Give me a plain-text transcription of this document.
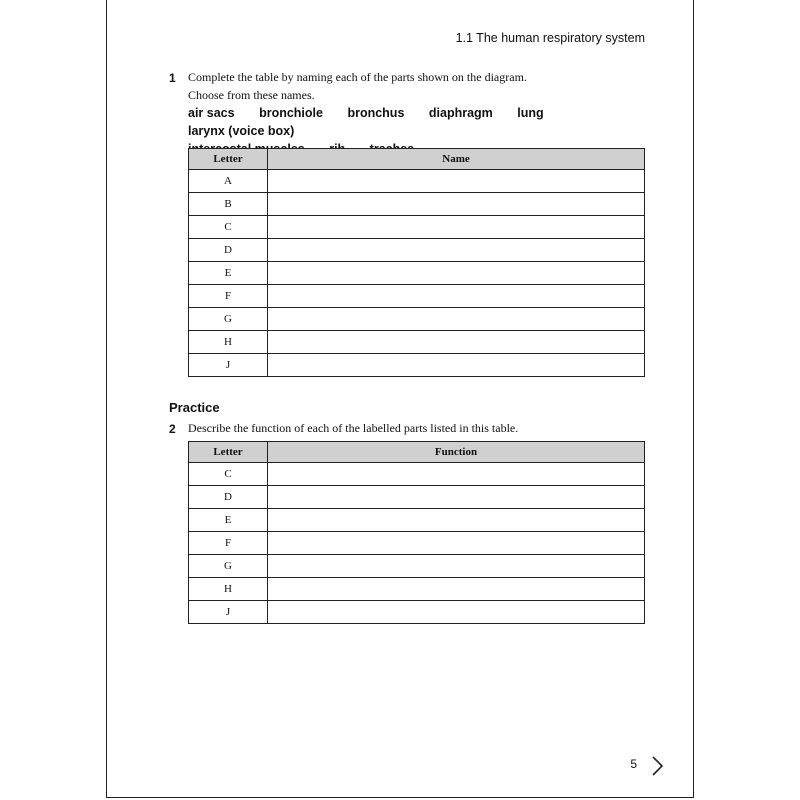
1.1 The human respiratory system
1 Complete the table by naming each of the parts shown on the diagram.
Choose from these names.
air sacs bronchiole bronchus diaphragm lung larynx (voice box)

Letter	Name
A	
B	
C	
D	
E	
F	
G	
H	
J	
Practice
2 Describe the function of each of the labelled parts listed in this table.
Letter	Function
C	
D	
E	
F	
G	
H	
J	
5
